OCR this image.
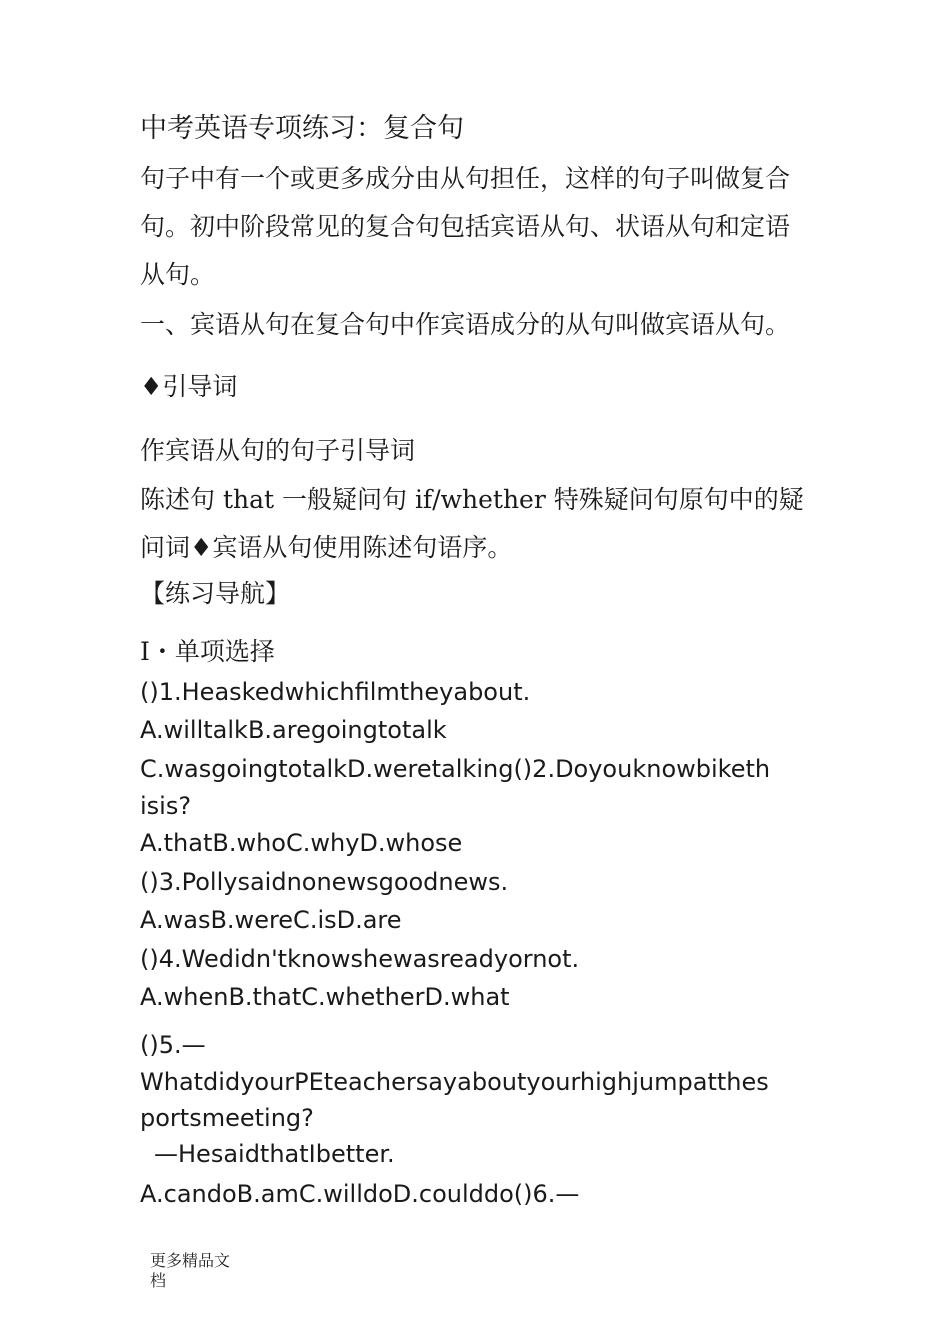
中考英语专项练习：复合句
句子中有一个或更多成分由从句担任，这样的句子叫做复合
句。初中阶段常见的复合句包括宾语从句、状语从句和定语
从句。
一、宾语从句在复合句中作宾语成分的从句叫做宾语从句。
♦引导词
作宾语从句的句子引导词
陈述句 that 一般疑问句 if/whether 特殊疑问句原句中的疑
问词♦宾语从句使用陈述句语序。
【练习导航】
Ⅰ・单项选择
()1.Heaskedwhichfilmtheyabout.
A.willtalkB.aregoingtotalk
C.wasgoingtotalkD.weretalking()2.Doyouknowbiketh
isis?
A.thatB.whoC.whyD.whose
()3.Pollysaidnonewsgoodnews.
A.wasB.wereC.isD.are
()4.Wedidn'tknowshewasreadyornot.
A.whenB.thatC.whetherD.what
()5.—
WhatdidyourPEteachersayaboutyourhighjumpatthes
portsmeeting?
—HesaidthatIbetter.
A.candoB.amC.willdoD.coulddo()6.—
更多精品文
档
